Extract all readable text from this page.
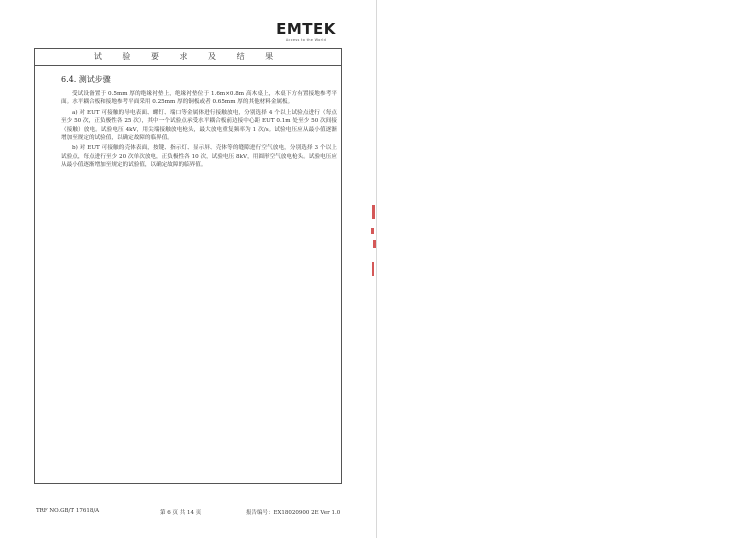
EMTEK
Access to the World
试 验 要 求 及 结 果
6.4. 测试步骤

受试设备置于 0.5mm 厚的绝缘衬垫上，绝缘衬垫位于 1.6m×0.8m 高木桌上，木桌下方有置接地参考平面。水平耦合板和接地参考平面采用 0.25mm 厚的铜板或者 0.65mm 厚的其他材料金属板。

a) 对 EUT 可接触的导电表面、螺钉、端口等金属体进行接触放电，分别选择 4 个以上试验点进行（每点至少 50 次，正负极性各 25 次），其中一个试验点承受水平耦合板前边接中心距 EUT 0.1m 处至少 50 次间接（接触）放电。试验电压 4kV，用尖端接触放电枪头，最大放电重复频率为 1 次/s。试验电压应从最小值逐渐增加至规定的试验值，以确定故障的临界值。

b) 对 EUT 可接触的壳体表面，按键、指示灯、显示屏、壳体等的缝隙进行空气放电，分别选择 3 个以上试验点，每点进行至少 20 次单次放电，正负极性各 10 次，试验电压 8kV，用圆形空气放电枪头。试验电压应从最小值逐渐增加至规定的试验值，以确定故障的临界值。

TRF NO.GB/T 17618/A	第 6 页 共 14 页	报告编号：EX18020900 2E Ver 1.0
